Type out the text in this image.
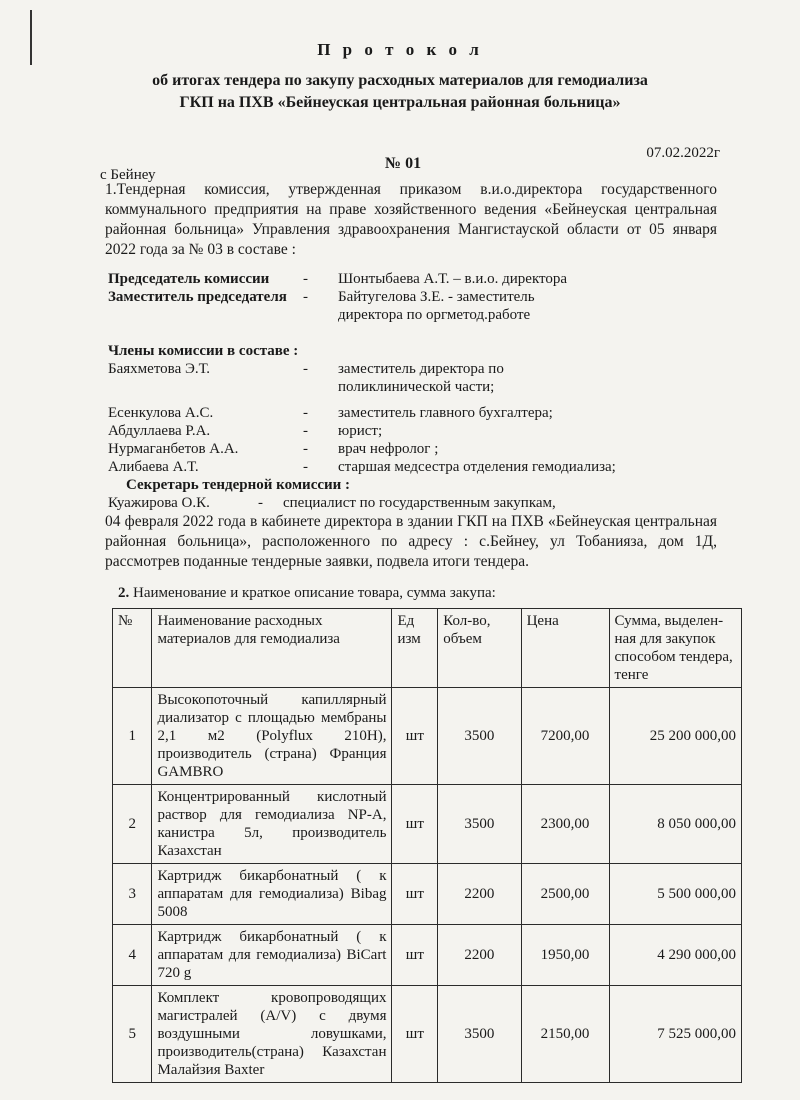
П р о т о к о л
об итогах тендера по закупу расходных материалов для гемодиализа
ГКП на ПХВ «Бейнеуская центральная районная больница»
с Бейнеу
№ 01
07.02.2022г
1.Тендерная комиссия, утвержденная приказом в.и.о.директора государственного коммунального предприятия на праве хозяйственного ведения «Бейнеуская центральная районная больница» Управления здравоохранения Мангистауской области от 05 января 2022 года за № 03 в составе :
Председатель комиссии - Шонтыбаева А.Т. – в.и.о. директора
Заместитель председателя - Байтугелова З.Е. - заместитель
директора по оргметод.работе
Члены комиссии в составе :
Баяхметова Э.Т.	- заместитель директора по
поликлинической части;
Есенкулова А.С.	- заместитель главного бухгалтера;
Абдуллаева Р.А.	- юрист;
Нурмаганбетов А.А.	- врач нефролог ;
Алибаева А.Т.	- старшая медсестра отделения гемодиализа;
Секретарь тендерной комиссии :
Куажирова О.К.	- специалист по государственным закупкам,
04 февраля 2022 года в кабинете директора в здании ГКП на ПХВ «Бейнеуская центральная районная больница», расположенного по адресу : с.Бейнеу, ул Тобанияза, дом 1Д, рассмотрев поданные тендерные заявки, подвела итоги тендера.
2. Наименование и краткое описание товара, сумма закупа:
№	Наименование расходных материалов для гемодиализа	Ед изм	Кол-во, объем	Цена	Сумма, выделен-ная для закупок способом тендера, тенге
1	Высокопоточный капиллярный диализатор с площадью мембраны 2,1 м2 (Polyflux 210H), производитель (страна) Франция GAMBRO	шт	3500	7200,00	25 200 000,00
2	Концентрированный кислотный раствор для гемодиализа NP-A, канистра 5л, производитель Казахстан	шт	3500	2300,00	8 050 000,00
3	Картридж бикарбонатный ( к аппаратам для гемодиализа) Bibag 5008	шт	2200	2500,00	5 500 000,00
4	Картридж бикарбонатный ( к аппаратам для гемодиализа) BiCart 720 g	шт	2200	1950,00	4 290 000,00
5	Комплект кровопроводящих магистралей (A/V) с двумя воздушными ловушками, производитель(страна) Казахстан Малайзия Baxter	шт	3500	2150,00	7 525 000,00
